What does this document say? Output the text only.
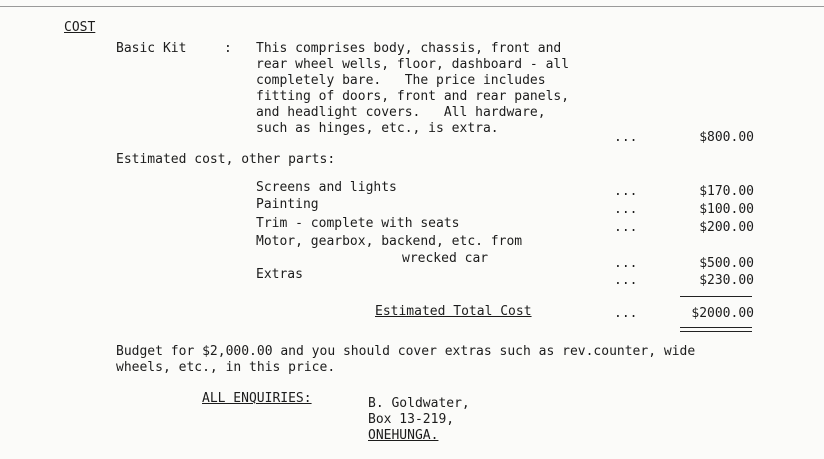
COST
Basic Kit	: This comprises body, chassis, front and
rear wheel wells, floor, dashboard - all
completely bare.   The price includes
fitting of doors, front and rear panels,
and headlight covers.   All hardware,
such as hinges, etc., is extra.
...	$800.00
Estimated cost, other parts:
Screens and lights	...	$170.00
Painting	...	$100.00
Trim - complete with seats	...	$200.00
Motor, gearbox, backend, etc. from
wrecked car	...	$500.00
Extras	...	$230.00
Estimated Total Cost	...	$2000.00
Budget for $2,000.00 and you should cover extras such as rev.counter, wide
wheels, etc., in this price.
ALL ENQUIRIES:	B. Goldwater,
Box 13-219,
ONEHUNGA.
